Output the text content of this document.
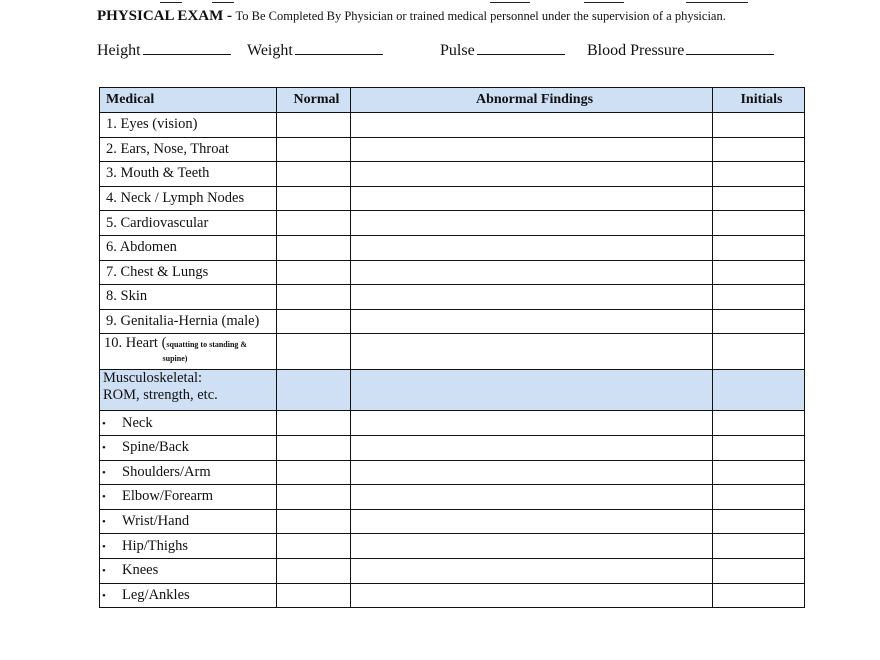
PHYSICAL EXAM - To Be Completed By Physician or trained medical personnel under the supervision of a physician.
Height	Weight	Pulse	Blood Pressure
Medical	Normal	Abnormal Findings	Initials
1. Eyes (vision)			
2. Ears, Nose, Throat			
3. Mouth & Teeth			
4. Neck / Lymph Nodes			
5. Cardiovascular			
6. Abdomen			
7. Chest & Lungs			
8. Skin			
9. Genitalia-Hernia (male)			
10. Heart (squatting to standing &
supine)			

Musculoskeletal:
ROM, strength, etc.			

• Neck			
• Spine/Back			
• Shoulders/Arm			
• Elbow/Forearm			
• Wrist/Hand			
• Hip/Thighs			
• Knees			
• Leg/Ankles			
